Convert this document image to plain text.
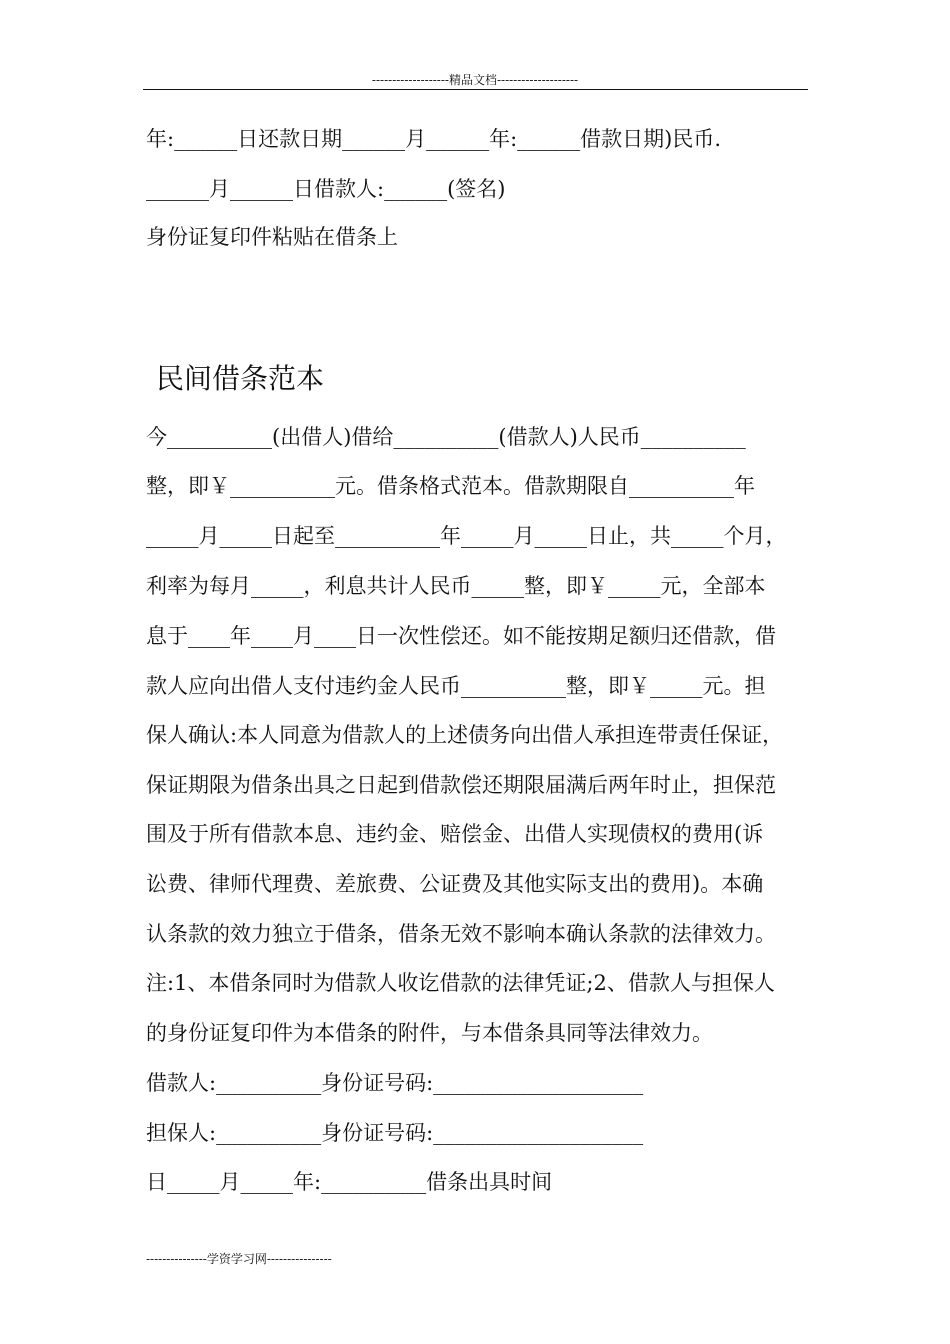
-------------------精品文档--------------------
年:______日还款日期______月______年:______借款日期)民币.
______月______日借款人:______(签名)
身份证复印件粘贴在借条上
民间借条范本
今__________(出借人)借给__________(借款人)人民币__________
整，即￥__________元。借条格式范本。借款期限自__________年
_____月_____日起至__________年_____月_____日止，共_____个月，
利率为每月_____，利息共计人民币_____整，即￥_____元，全部本
息于____年____月____日一次性偿还。如不能按期足额归还借款，借
款人应向出借人支付违约金人民币__________整，即￥_____元。担
保人确认:本人同意为借款人的上述债务向出借人承担连带责任保证，
保证期限为借条出具之日起到借款偿还期限届满后两年时止，担保范
围及于所有借款本息、违约金、赔偿金、出借人实现债权的费用(诉
讼费、律师代理费、差旅费、公证费及其他实际支出的费用)。本确
认条款的效力独立于借条，借条无效不影响本确认条款的法律效力。
注:1、本借条同时为借款人收讫借款的法律凭证;2、借款人与担保人
的身份证复印件为本借条的附件，与本借条具同等法律效力。
借款人:__________身份证号码:____________________
担保人:__________身份证号码:____________________
日_____月_____年:__________借条出具时间
---------------学资学习网----------------
